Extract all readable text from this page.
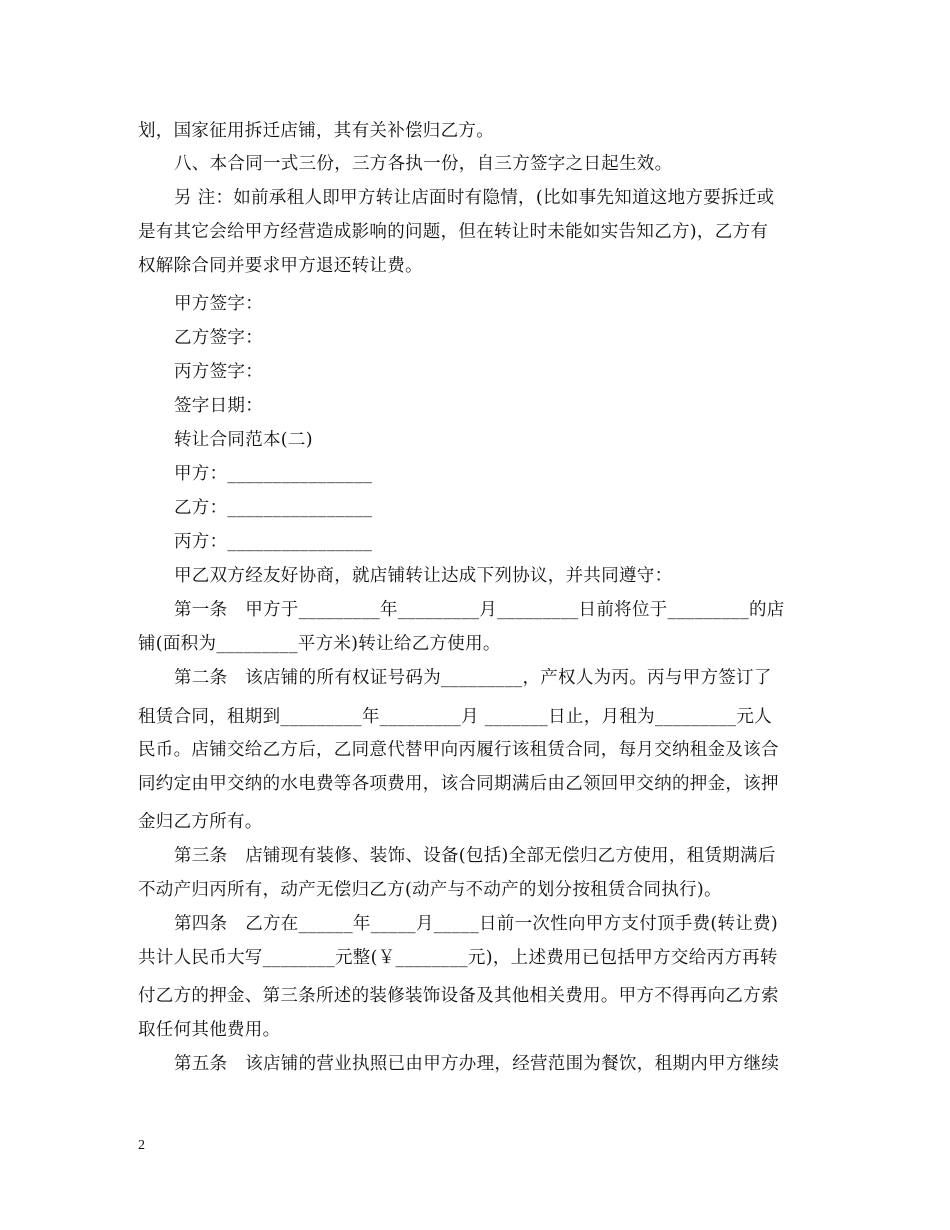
划，国家征用拆迁店铺，其有关补偿归乙方。
八、本合同一式三份，三方各执一份，自三方签字之日起生效。
另 注：如前承租人即甲方转让店面时有隐情，(比如事先知道这地方要拆迁或
是有其它会给甲方经营造成影响的问题，但在转让时未能如实告知乙方)，乙方有
权解除合同并要求甲方退还转让费。
甲方签字：
乙方签字：
丙方签字：
签字日期：
转让合同范本(二)
甲方：________________
乙方：________________
丙方：________________
甲乙双方经友好协商，就店铺转让达成下列协议，并共同遵守：
第一条　甲方于_________年_________月_________日前将位于_________的店
铺(面积为_________平方米)转让给乙方使用。
第二条　该店铺的所有权证号码为_________，产权人为丙。丙与甲方签订了
租赁合同，租期到_________年_________月 _______日止，月租为_________元人
民币。店铺交给乙方后，乙同意代替甲向丙履行该租赁合同，每月交纳租金及该合
同约定由甲交纳的水电费等各项费用，该合同期满后由乙领回甲交纳的押金，该押
金归乙方所有。
第三条　店铺现有装修、装饰、设备(包括)全部无偿归乙方使用，租赁期满后
不动产归丙所有，动产无偿归乙方(动产与不动产的划分按租赁合同执行)。
第四条　乙方在______年_____月_____日前一次性向甲方支付顶手费(转让费)
共计人民币大写________元整(￥________元)，上述费用已包括甲方交给丙方再转
付乙方的押金、第三条所述的装修装饰设备及其他相关费用。甲方不得再向乙方索
取任何其他费用。
第五条　该店铺的营业执照已由甲方办理，经营范围为餐饮，租期内甲方继续
2
